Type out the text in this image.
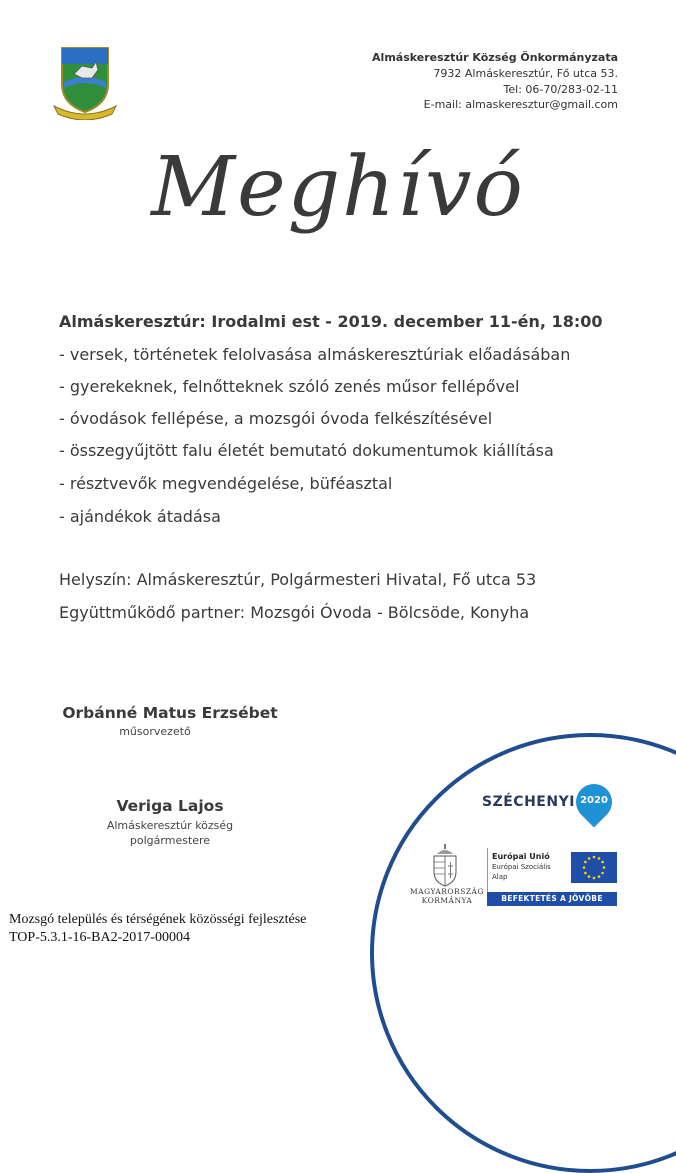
Almáskeresztúr Község Önkormányzata
7932 Almáskeresztúr, Fő utca 53.
Tel: 06-70/283-02-11
E-mail: almaskeresztur@gmail.com
Meghívó
Almáskeresztúr: Irodalmi est - 2019. december 11-én, 18:00
- versek, történetek felolvasása almáskeresztúriak előadásában
- gyerekeknek, felnőtteknek szóló zenés műsor fellépővel
- óvodások fellépése, a mozsgói óvoda felkészítésével
- összegyűjtött falu életét bemutató dokumentumok kiállítása
- résztvevők megvendégelése, büféasztal
- ajándékok átadása
Helyszín: Almáskeresztúr, Polgármesteri Hivatal, Fő utca 53
Együttműködő partner: Mozsgói Óvoda - Bölcsöde, Konyha
Orbánné Matus Erzsébet
műsorvezető
Veriga Lajos
Almáskeresztúr község
polgármestere
SZÉCHENYI 2020
MAGYARORSZÁG
KORMÁNYA
Európai Unió
Európai Szociális
Alap
BEFEKTETÉS A JÖVŐBE
Mozsgó település és térségének közösségi fejlesztése
TOP-5.3.1-16-BA2-2017-00004
